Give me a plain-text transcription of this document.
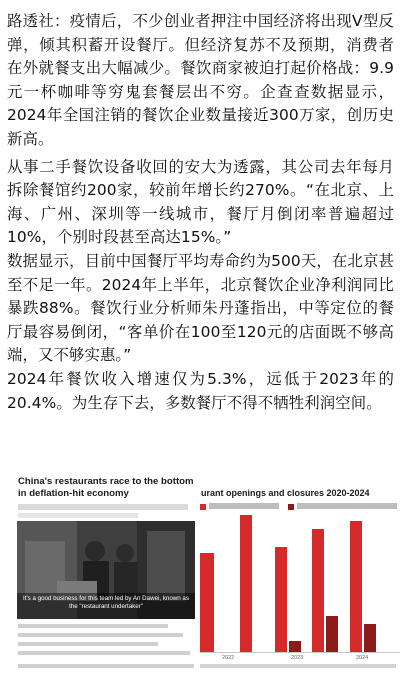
路透社：疫情后，不少创业者押注中国经济将出现V型反弹，倾其积蓄开设餐厅。但经济复苏不及预期，消费者在外就餐支出大幅减少。餐饮商家被迫打起价格战：9.9元一杯咖啡等穷鬼套餐层出不穷。企查查数据显示，2024年全国注销的餐饮企业数量接近300万家，创历史新高。

从事二手餐饮设备收回的安大为透露，其公司去年每月拆除餐馆约200家，较前年增长约270%。“在北京、上海、广州、深圳等一线城市，餐厅月倒闭率普遍超过10%，个别时段甚至高达15%。”

数据显示，目前中国餐厅平均寿命约为500天，在北京甚至不足一年。2024年上半年，北京餐饮企业净利润同比暴跌88%。餐饮行业分析师朱丹蓬指出，中等定位的餐厅最容易倒闭，“客单价在100至120元的店面既不够高端，又不够实惠。”

2024年餐饮收入增速仅为5.3%，远低于2023年的20.4%。为生存下去，多数餐厅不得不牺牲利润空间。

China's restaurants race to the bottom in deflation-hit economy
It's a good business for this team led by An Dawei, known as the "restaurant undertaker"
urant openings and closures 2020-2024
2022	2023	2024
